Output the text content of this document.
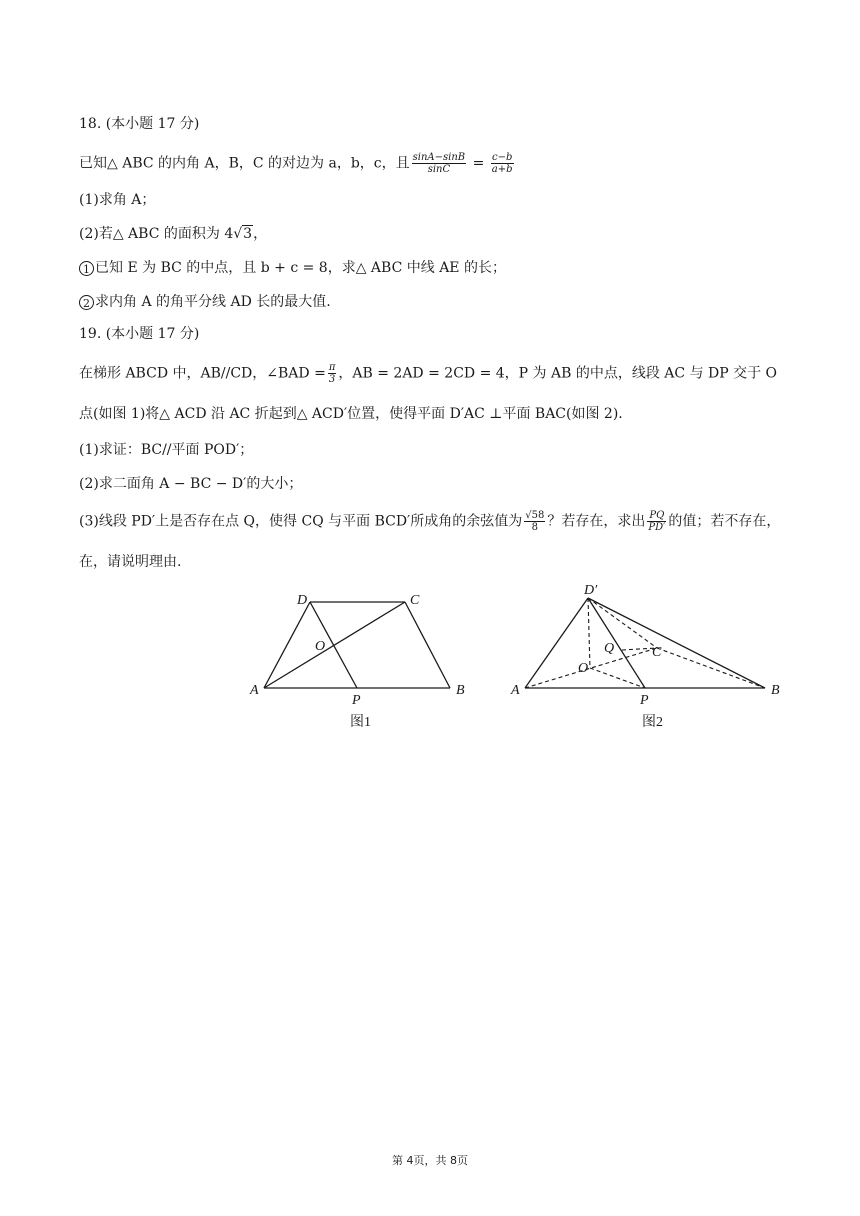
18. (本小题 17 分)
已知△ ABC 的内角 A，B，C 的对边为 a，b，c，且 $\frac{\sin A-\sin B}{\sin C} = \frac{c-b}{a+b}$
(1)求角 A；
(2)若△ ABC 的面积为 4√3，
1 已知 E 为 BC 的中点，且 b + c = 8，求△ ABC 中线 AE 的长；
2 求内角 A 的角平分线 AD 长的最大值.
19. (本小题 17 分)
在梯形 ABCD 中，AB//CD，∠BAD = $\frac{\pi}{3}$ ，AB = 2AD = 2CD = 4，P 为 AB 的中点，线段 AC 与 DP 交于 O
点(如图 1)将△ ACD 沿 AC 折起到△ ACD′位置，使得平面 D′AC ⊥平面 BAC(如图 2).
(1)求证：BC//平面 POD′；
(2)求二面角 A − BC − D′的大小；
(3)线段 PD′上是否存在点 Q，使得 CQ 与平面 BCD′所成角的余弦值为 $\frac{√58}{8}$ ？若存在，求出 $\frac{PQ}{PD'}$ 的值；若不存在，
在，请说明理由.
A	B
C
D
O
P
图1
A	B
C
D′
O
P
Q
图2
第 4页，共 8页
